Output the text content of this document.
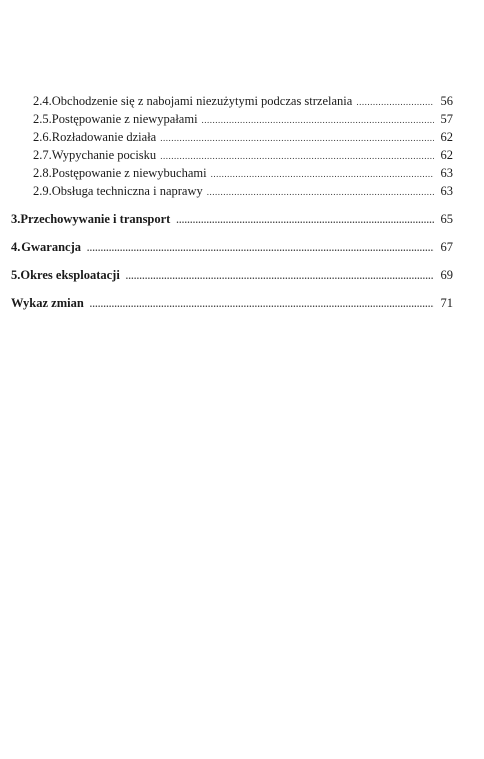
2.4. Obchodzenie się z nabojami niezużytymi podczas strzelania .....	56
2.5. Postępowanie z niewypałami .....	57
2.6. Rozładowanie działa .....	62
2.7. Wypychanie pocisku .....	62
2.8. Postępowanie z niewybuchami .....	63
2.9. Obsługa techniczna i naprawy .....	63
3. Przechowywanie i transport .....	65
4. Gwarancja .....	67
5. Okres eksploatacji .....	69
Wykaz zmian .....	71
